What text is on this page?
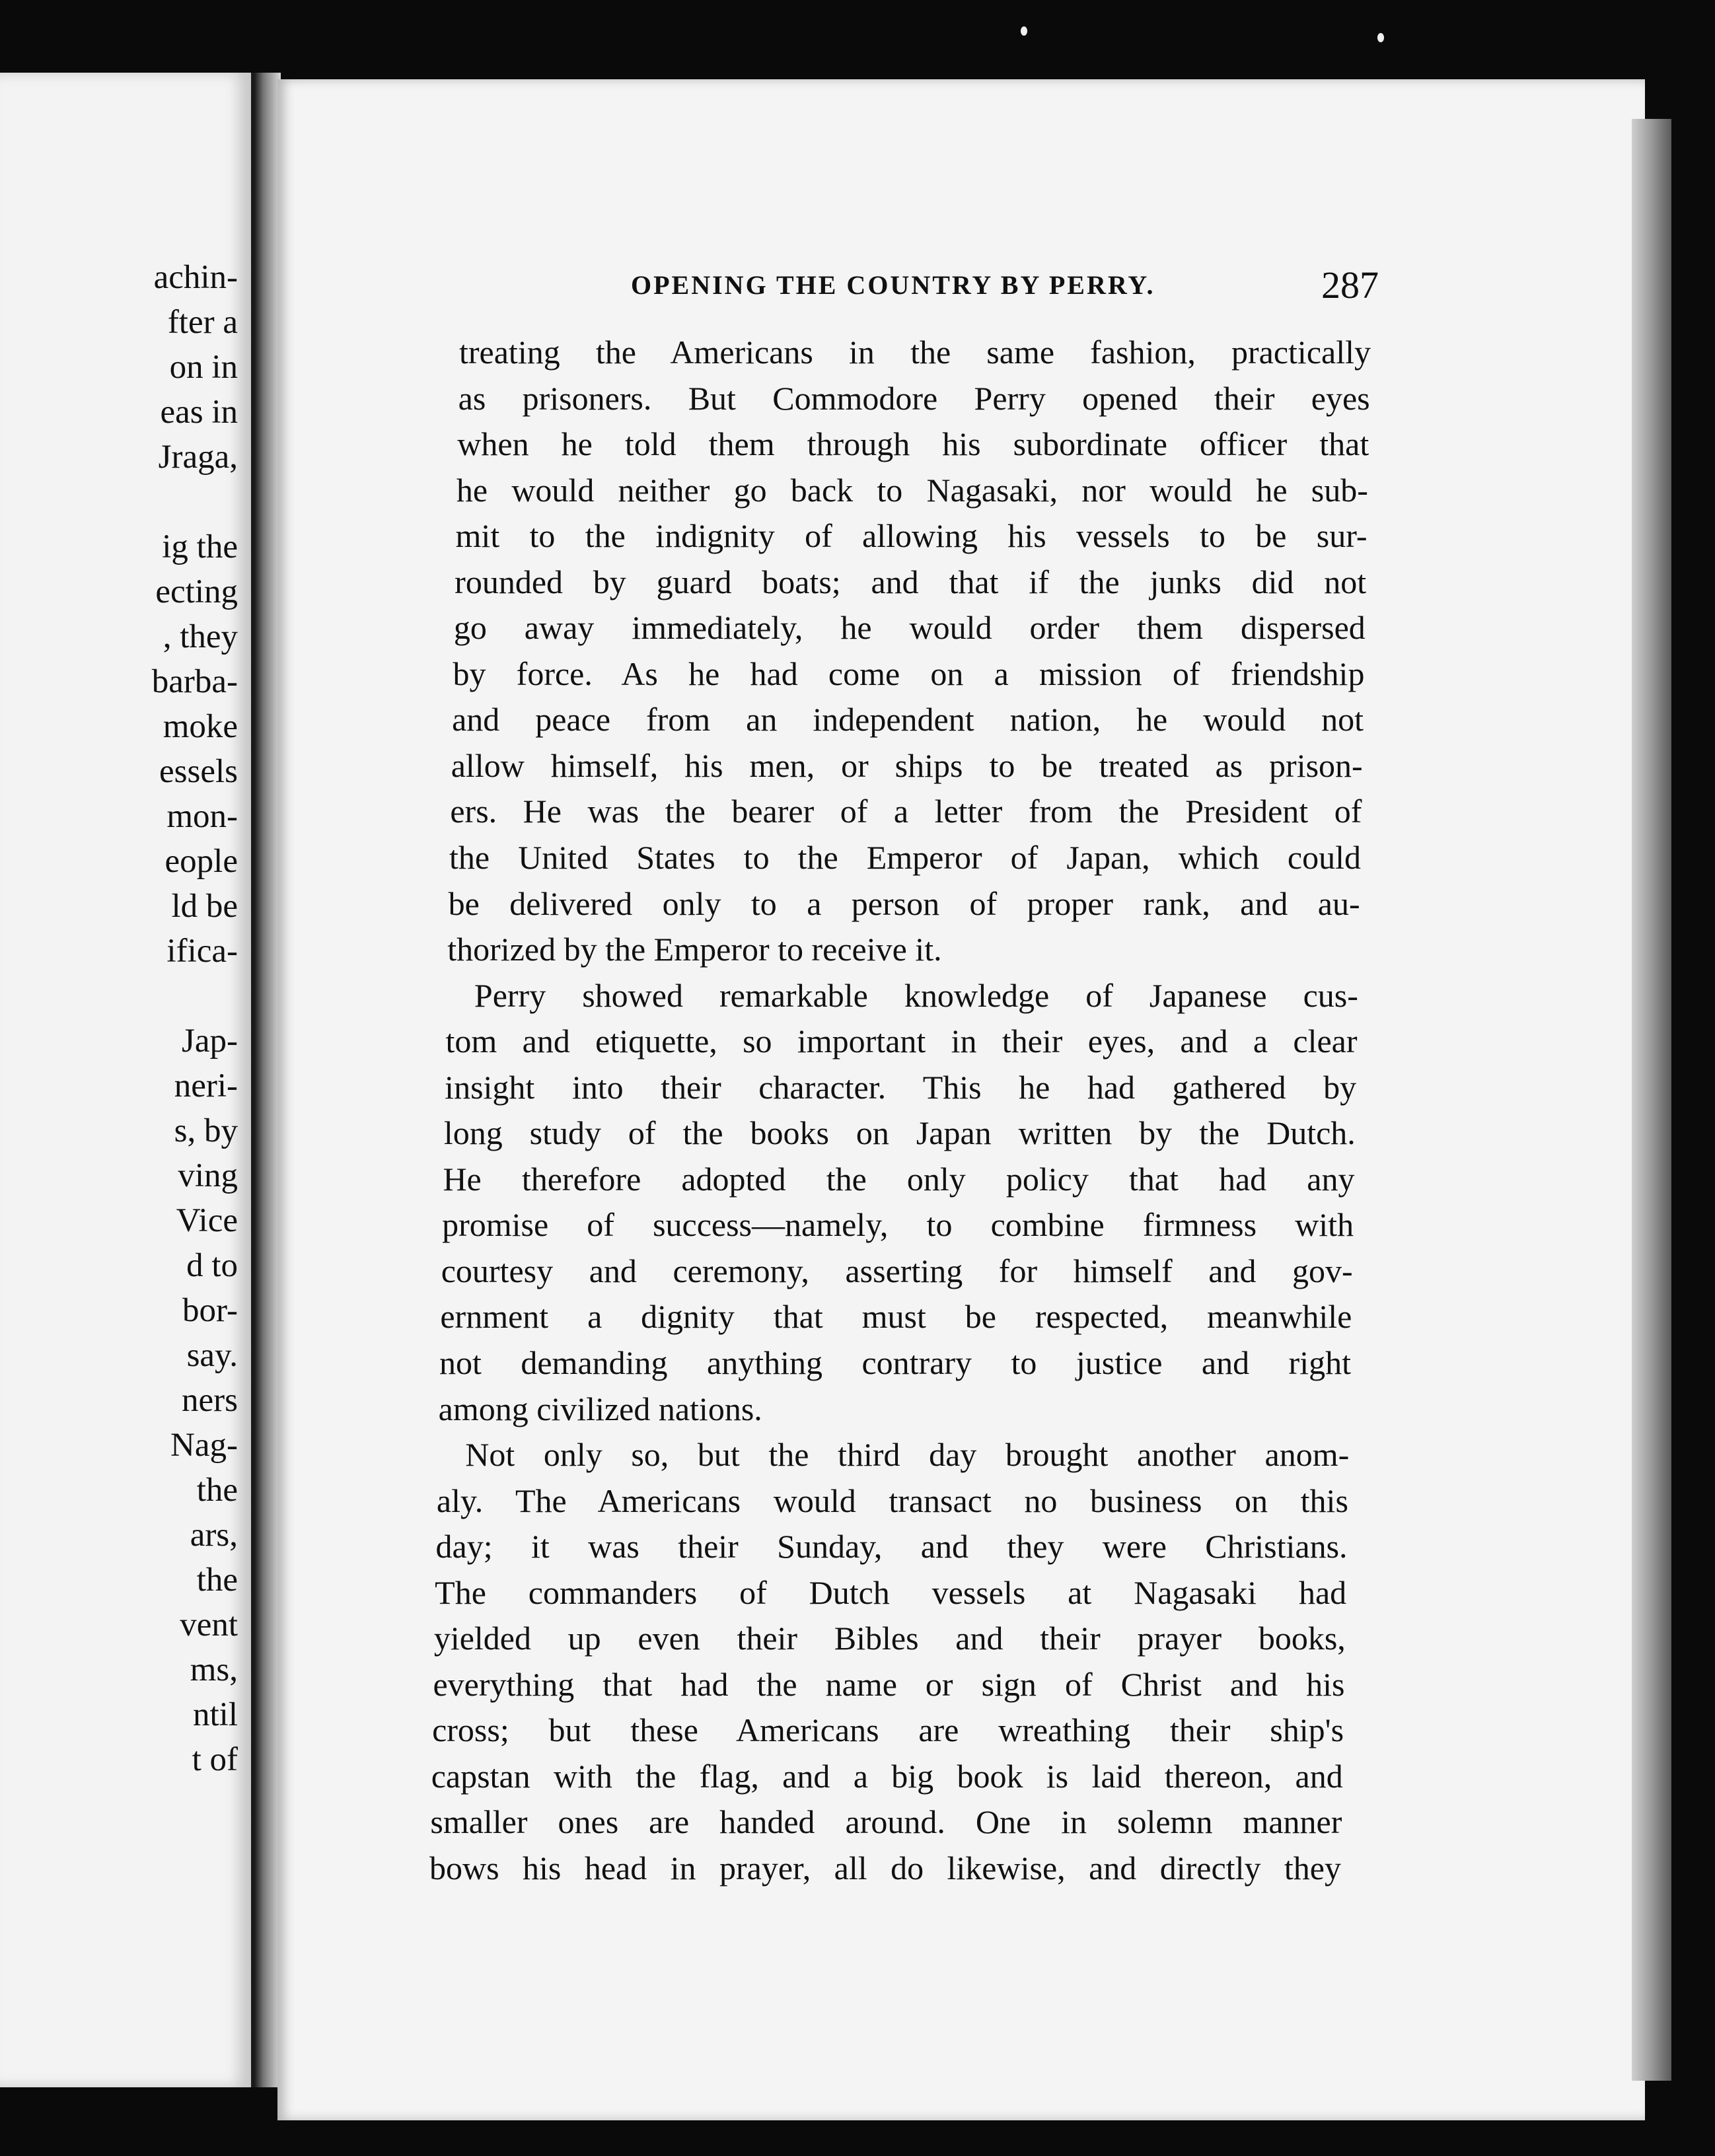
achin-
fter a
on in
eas in
Jraga,
ig the
ecting
, they
barba-
moke
essels
mon-
eople
ld be
ifica-
Jap-
neri-
s, by
ving
Vice
d to
bor-
say.
ners
Nag-
the
ars,
the
vent
ms,
ntil
t of
OPENING THE COUNTRY BY PERRY.	287
treating the Americans in the same fashion, practically
as prisoners. But Commodore Perry opened their eyes
when he told them through his subordinate officer that
he would neither go back to Nagasaki, nor would he sub-
mit to the indignity of allowing his vessels to be sur-
rounded by guard boats; and that if the junks did not
go away immediately, he would order them dispersed
by force. As he had come on a mission of friendship
and peace from an independent nation, he would not
allow himself, his men, or ships to be treated as prison-
ers. He was the bearer of a letter from the President of
the United States to the Emperor of Japan, which could
be delivered only to a person of proper rank, and au-
thorized by the Emperor to receive it.
Perry showed remarkable knowledge of Japanese cus-
tom and etiquette, so important in their eyes, and a clear
insight into their character. This he had gathered by
long study of the books on Japan written by the Dutch.
He therefore adopted the only policy that had any
promise of success—namely, to combine firmness with
courtesy and ceremony, asserting for himself and gov-
ernment a dignity that must be respected, meanwhile
not demanding anything contrary to justice and right
among civilized nations.
Not only so, but the third day brought another anom-
aly. The Americans would transact no business on this
day; it was their Sunday, and they were Christians.
The commanders of Dutch vessels at Nagasaki had
yielded up even their Bibles and their prayer books,
everything that had the name or sign of Christ and his
cross; but these Americans are wreathing their ship's
capstan with the flag, and a big book is laid thereon, and
smaller ones are handed around. One in solemn manner
bows his head in prayer, all do likewise, and directly they
